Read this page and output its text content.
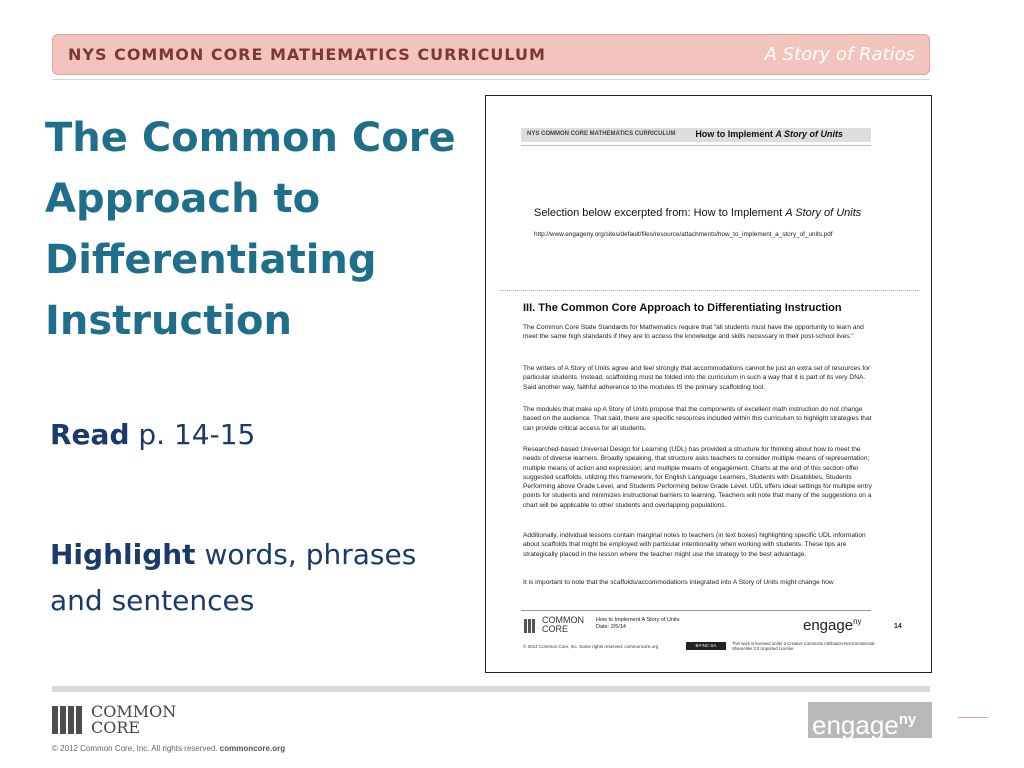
NYS COMMON CORE MATHEMATICS CURRICULUM	A Story of Ratios
The Common Core Approach to Differentiating Instruction
Read p. 14-15
Highlight words, phrases and sentences
NYS COMMON CORE MATHEMATICS CURRICULUM How to Implement A Story of Units
Selection below excerpted from: How to Implement A Story of Units
http://www.engageny.org/sites/default/files/resource/attachments/how_to_implement_a_story_of_units.pdf
III. The Common Core Approach to Differentiating Instruction
The Common Core State Standards for Mathematics require that “all students must have the opportunity to learn and meet the same high standards if they are to access the knowledge and skills necessary in their post-school lives.”
The writers of A Story of Units agree and feel strongly that accommodations cannot be just an extra set of resources for particular students. Instead, scaffolding must be folded into the curriculum in such a way that it is part of its very DNA. Said another way, faithful adherence to the modules IS the primary scaffolding tool.
The modules that make up A Story of Units propose that the components of excellent math instruction do not change based on the audience. That said, there are specific resources included within this curriculum to highlight strategies that can provide critical access for all students.
Researched-based Universal Design for Learning (UDL) has provided a structure for thinking about how to meet the needs of diverse learners. Broadly speaking, that structure asks teachers to consider multiple means of representation; multiple means of action and expression; and multiple means of engagement. Charts at the end of this section offer suggested scaffolds, utilizing this framework, for English Language Learners, Students with Disabilities, Students Performing above Grade Level, and Students Performing below Grade Level. UDL offers ideal settings for multiple entry points for students and minimizes instructional barriers to learning. Teachers will note that many of the suggestions on a chart will be applicable to other students and overlapping populations.
Additionally, individual lessons contain marginal notes to teachers (in text boxes) highlighting specific UDL information about scaffolds that might be employed with particular intentionality when working with students. These tips are strategically placed in the lesson where the teacher might use the strategy to the best advantage.
It is important to note that the scaffolds/accommodations integrated into A Story of Units might change how
COMMON
CORE
How to Implement A Story of Units
Date: 2/5/14	engage$^{ny}$
14
© 2014 Common Core, Inc. Some rights reserved. commoncore.org	BY-NC-SA	This work is licensed under a Creative Commons Attribution-NonCommercial-ShareAlike 3.0 Unported License.
COMMON
CORE
© 2012 Common Core, Inc. All rights reserved. commoncore.org
engage$^{ny}$
